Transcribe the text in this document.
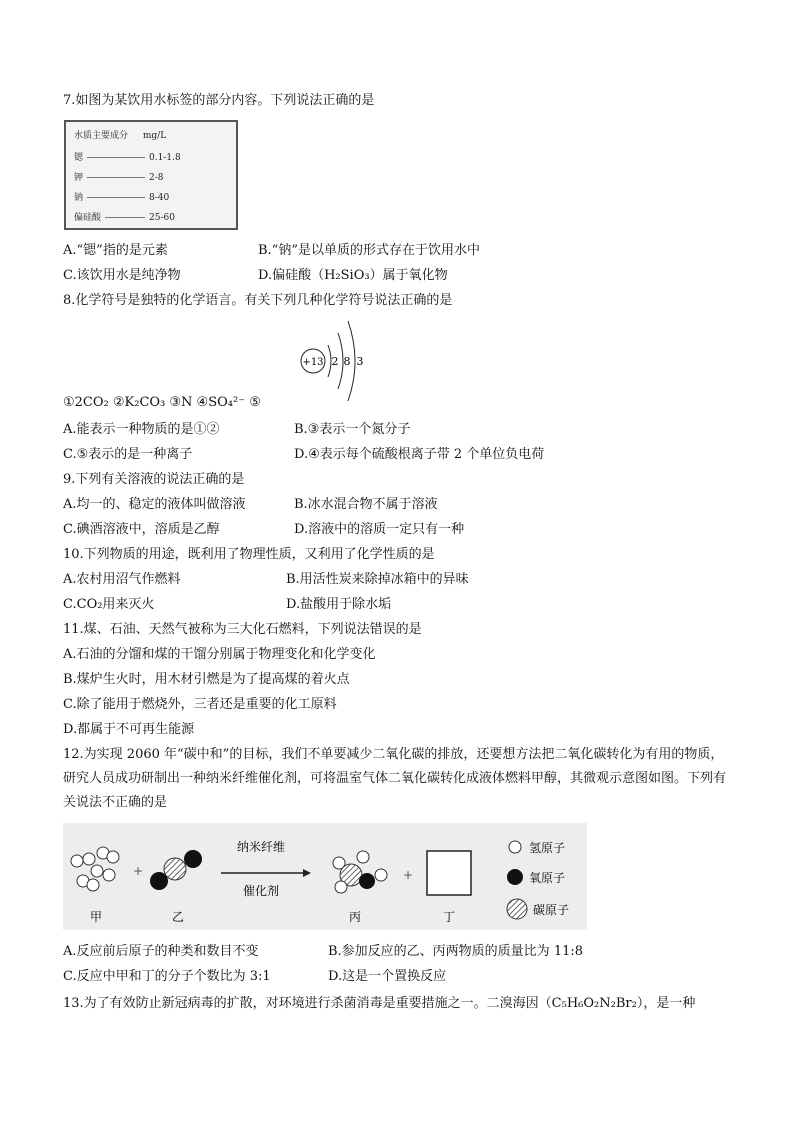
7.如图为某饮用水标签的部分内容。下列说法正确的是
水质主要成分 mg/L
锶	0.1-1.8
钾	2-8
钠	8-40
偏硅酸	25-60
A.“锶”指的是元素	B.“钠”是以单质的形式存在于饮用水中
C.该饮用水是纯净物	D.偏硅酸（H₂SiO₃）属于氧化物
8.化学符号是独特的化学语言。有关下列几种化学符号说法正确的是
+13 2 8 3
①2CO₂ ②K₂CO₃ ③N ④SO₄²⁻ ⑤
A.能表示一种物质的是①②	B.③表示一个氮分子
C.⑤表示的是一种离子	D.④表示每个硫酸根离子带 2 个单位负电荷
9.下列有关溶液的说法正确的是
A.均一的、稳定的液体叫做溶液	B.冰水混合物不属于溶液
C.碘酒溶液中，溶质是乙醇	D.溶液中的溶质一定只有一种
10.下列物质的用途，既利用了物理性质，又利用了化学性质的是
A.农村用沼气作燃料	B.用活性炭来除掉冰箱中的异味
C.CO₂用来灭火	D.盐酸用于除水垢
11.煤、石油、天然气被称为三大化石燃料，下列说法错误的是
A.石油的分馏和煤的干馏分别属于物理变化和化学变化
B.煤炉生火时，用木材引燃是为了提高煤的着火点
C.除了能用于燃烧外，三者还是重要的化工原料
D.都属于不可再生能源
12.为实现 2060 年“碳中和”的目标，我们不单要减少二氧化碳的排放，还要想方法把二氧化碳转化为有用的物质，研究人员成功研制出一种纳米纤维催化剂，可将温室气体二氧化碳转化成液体燃料甲醇，其微观示意图如图。下列有关说法不正确的是
甲
+
乙
纳米纤维
催化剂
丙
+
丁
氢原子
氧原子
碳原子
A.反应前后原子的种类和数目不变	B.参加反应的乙、丙两物质的质量比为 11:8
C.反应中甲和丁的分子个数比为 3:1	D.这是一个置换反应
13.为了有效防止新冠病毒的扩散，对环境进行杀菌消毒是重要措施之一。二溴海因（C₅H₆O₂N₂Br₂），是一种
